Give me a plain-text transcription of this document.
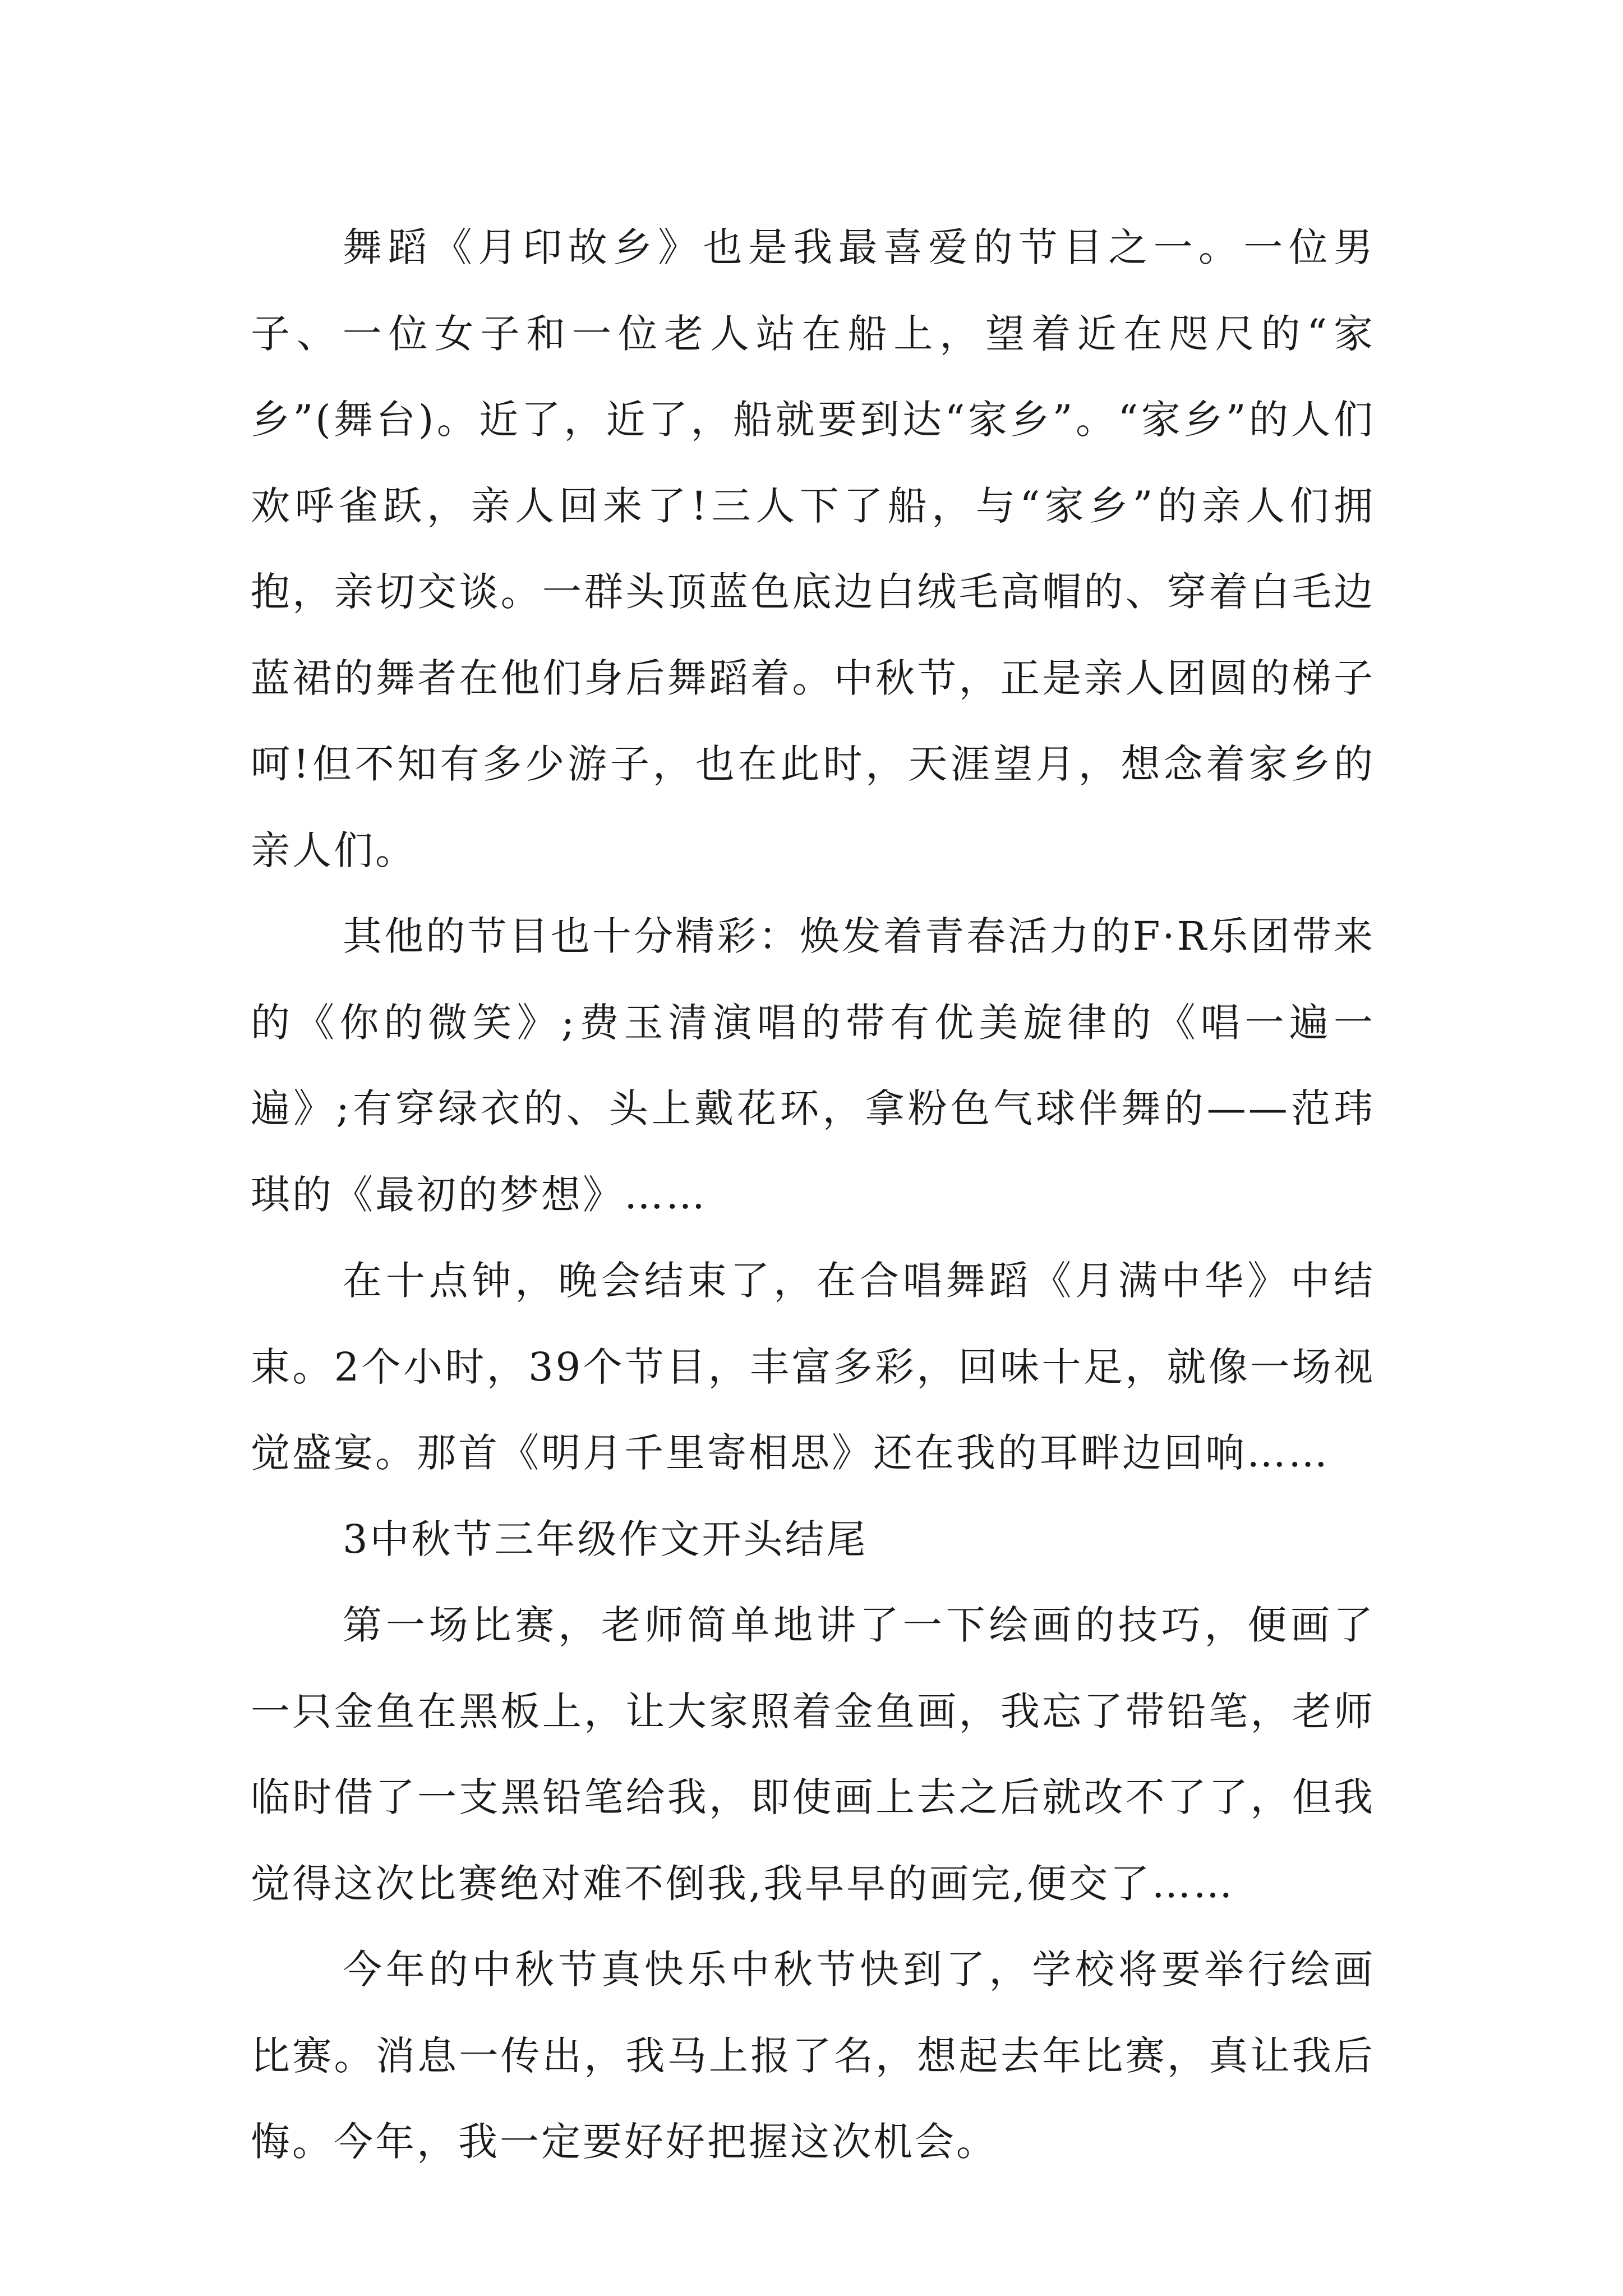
舞蹈《月印故乡》也是我最喜爱的节目之一。一位男子、一位女子和一位老人站在船上，望着近在咫尺的“家乡”(舞台)。近了，近了，船就要到达“家乡”。“家乡”的人们欢呼雀跃，亲人回来了!三人下了船，与“家乡”的亲人们拥抱，亲切交谈。一群头顶蓝色底边白绒毛高帽的、穿着白毛边蓝裙的舞者在他们身后舞蹈着。中秋节，正是亲人团圆的梯子呵!但不知有多少游子，也在此时，天涯望月，想念着家乡的亲人们。

其他的节目也十分精彩：焕发着青春活力的F·R乐团带来的《你的微笑》;费玉清演唱的带有优美旋律的《唱一遍一遍》;有穿绿衣的、头上戴花环，拿粉色气球伴舞的——范玮琪的《最初的梦想》……

在十点钟，晚会结束了，在合唱舞蹈《月满中华》中结束。2个小时，39个节目，丰富多彩，回味十足，就像一场视觉盛宴。那首《明月千里寄相思》还在我的耳畔边回响……

3中秋节三年级作文开头结尾

第一场比赛，老师简单地讲了一下绘画的技巧，便画了一只金鱼在黑板上，让大家照着金鱼画，我忘了带铅笔，老师临时借了一支黑铅笔给我，即使画上去之后就改不了了，但我觉得这次比赛绝对难不倒我,我早早的画完,便交了……

今年的中秋节真快乐中秋节快到了，学校将要举行绘画比赛。消息一传出，我马上报了名，想起去年比赛，真让我后悔。今年，我一定要好好把握这次机会。
